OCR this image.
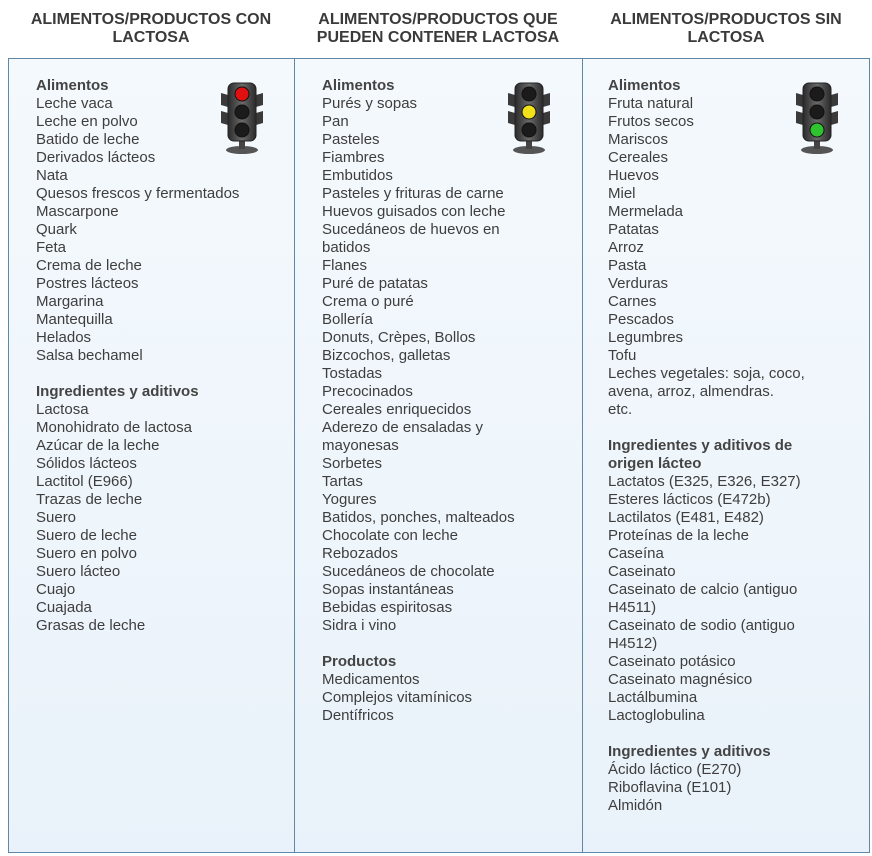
ALIMENTOS/PRODUCTOS CON
LACTOSA
ALIMENTOS/PRODUCTOS QUE
PUEDEN CONTENER LACTOSA
ALIMENTOS/PRODUCTOS SIN
LACTOSA
Alimentos
Leche vaca
Leche en polvo
Batido de leche
Derivados lácteos
Nata
Quesos frescos y fermentados
Mascarpone
Quark
Feta
Crema de leche
Postres lácteos
Margarina
Mantequilla
Helados
Salsa bechamel
Ingredientes y aditivos
Lactosa
Monohidrato de lactosa
Azúcar de la leche
Sólidos lácteos
Lactitol (E966)
Trazas de leche
Suero
Suero de leche
Suero en polvo
Suero lácteo
Cuajo
Cuajada
Grasas de leche
Alimentos
Purés y sopas
Pan
Pasteles
Fiambres
Embutidos
Pasteles y frituras de carne
Huevos guisados con leche
Sucedáneos de huevos en
batidos
Flanes
Puré de patatas
Crema o puré
Bollería
Donuts, Crèpes, Bollos
Bizcochos, galletas
Tostadas
Precocinados
Cereales enriquecidos
Aderezo de ensaladas y
mayonesas
Sorbetes
Tartas
Yogures
Batidos, ponches, malteados
Chocolate con leche
Rebozados
Sucedáneos de chocolate
Sopas instantáneas
Bebidas espiritosas
Sidra i vino
Productos
Medicamentos
Complejos vitamínicos
Dentífricos
Alimentos
Fruta natural
Frutos secos
Mariscos
Cereales
Huevos
Miel
Mermelada
Patatas
Arroz
Pasta
Verduras
Carnes
Pescados
Legumbres
Tofu
Leches vegetales: soja, coco,
avena, arroz, almendras.
etc.
Ingredientes y aditivos de
origen lácteo
Lactatos (E325, E326, E327)
Esteres lácticos (E472b)
Lactilatos (E481, E482)
Proteínas de la leche
Caseína
Caseinato
Caseinato de calcio (antiguo
H4511)
Caseinato de sodio (antiguo
H4512)
Caseinato potásico
Caseinato magnésico
Lactálbumina
Lactoglobulina
Ingredientes y aditivos
Ácido láctico (E270)
Riboflavina (E101)
Almidón
